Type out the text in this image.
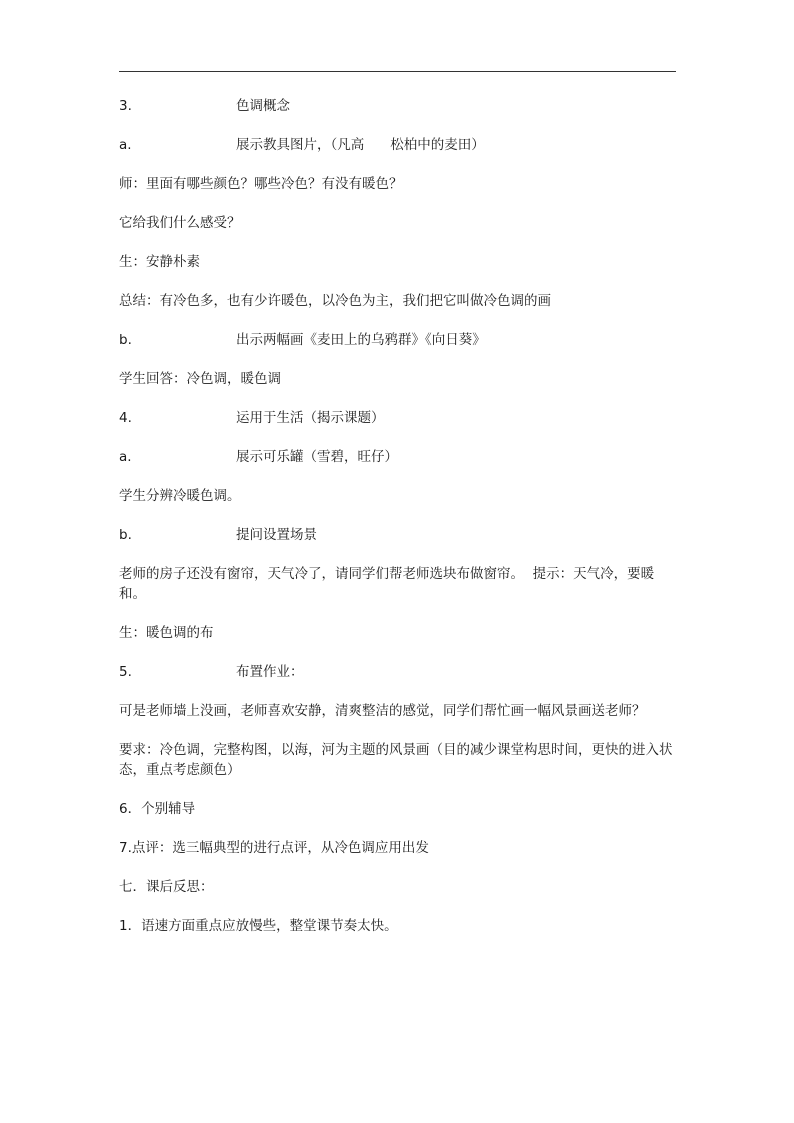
3.	色调概念
a.	展示教具图片，（凡高 松柏中的麦田）

师：里面有哪些颜色？哪些冷色？有没有暖色？

它给我们什么感受？

生：安静朴素

总结：有冷色多，也有少许暖色，以冷色为主，我们把它叫做冷色调的画

b.	出示两幅画《麦田上的乌鸦群》《向日葵》

学生回答：冷色调，暖色调

4.	运用于生活（揭示课题）
a.	展示可乐罐（雪碧，旺仔）

学生分辨冷暖色调。

b.	提问设置场景

老师的房子还没有窗帘，天气冷了，请同学们帮老师选块布做窗帘。  提示：天气冷，要暖和。

生：暖色调的布

5.	布置作业：

可是老师墙上没画，老师喜欢安静，清爽整洁的感觉，同学们帮忙画一幅风景画送老师？

要求：冷色调，完整构图，以海，河为主题的风景画（目的减少课堂构思时间，更快的进入状态，重点考虑颜色）

6．个别辅导

7.点评：选三幅典型的进行点评，从冷色调应用出发

七．课后反思：

1．语速方面重点应放慢些，整堂课节奏太快。
